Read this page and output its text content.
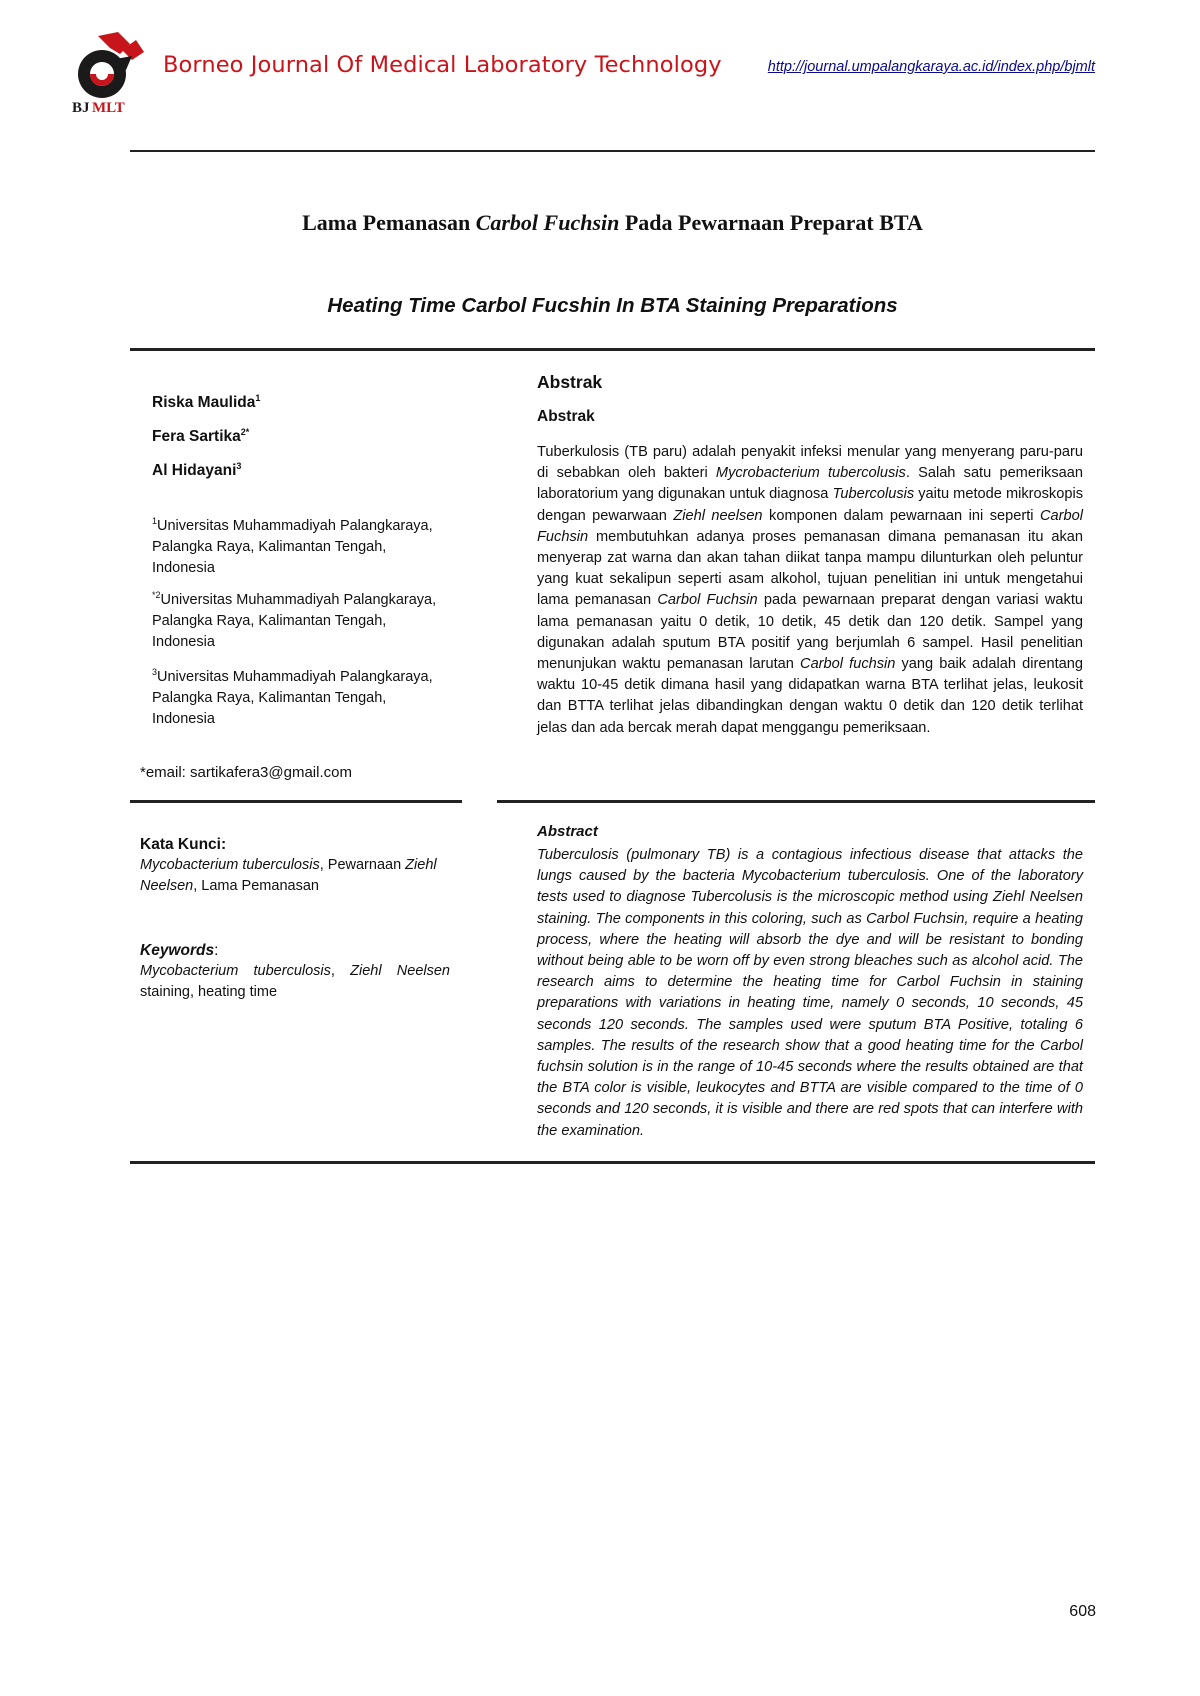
BJ MLT
Borneo Journal Of Medical Laboratory Technology	http://journal.umpalangkaraya.ac.id/index.php/bjmlt
Lama Pemanasan Carbol Fuchsin Pada Pewarnaan Preparat BTA
Heating Time Carbol Fucshin In BTA Staining Preparations
Riska Maulida$^1$
Fera Sartika$^{2*}$
Al Hidayani$^3$
$^1$Universitas Muhammadiyah Palangkaraya, Palangka Raya, Kalimantan Tengah, Indonesia
$^{*2}$Universitas Muhammadiyah Palangkaraya, Palangka Raya, Kalimantan Tengah, Indonesia
$^3$Universitas Muhammadiyah Palangkaraya, Palangka Raya, Kalimantan Tengah, Indonesia
*email: sartikafera3@gmail.com
Kata Kunci:
Mycobacterium tuberculosis, Pewarnaan Ziehl Neelsen, Lama Pemanasan
Keywords:
Mycobacterium tuberculosis, Ziehl Neelsen staining, heating time
Abstrak
Abstrak
Tuberkulosis (TB paru) adalah penyakit infeksi menular yang menyerang paru-paru di sebabkan oleh bakteri Mycrobacterium tubercolusis. Salah satu pemeriksaan laboratorium yang digunakan untuk diagnosa Tubercolusis yaitu metode mikroskopis dengan pewarwaan Ziehl neelsen komponen dalam pewarnaan ini seperti Carbol Fuchsin membutuhkan adanya proses pemanasan dimana pemanasan itu akan menyerap zat warna dan akan tahan diikat tanpa mampu dilunturkan oleh peluntur yang kuat sekalipun seperti asam alkohol, tujuan penelitian ini untuk mengetahui lama pemanasan Carbol Fuchsin pada pewarnaan preparat dengan variasi waktu lama pemanasan yaitu 0 detik, 10 detik, 45 detik dan 120 detik. Sampel yang digunakan adalah sputum BTA positif yang berjumlah 6 sampel. Hasil penelitian menunjukan waktu pemanasan larutan Carbol fuchsin yang baik adalah direntang waktu 10-45 detik dimana hasil yang didapatkan warna BTA terlihat jelas, leukosit dan BTTA terlihat jelas dibandingkan dengan waktu 0 detik dan 120 detik terlihat jelas dan ada bercak merah dapat menggangu pemeriksaan.
Abstract
Tuberculosis (pulmonary TB) is a contagious infectious disease that attacks the lungs caused by the bacteria Mycobacterium tuberculosis. One of the laboratory tests used to diagnose Tubercolusis is the microscopic method using Ziehl Neelsen staining. The components in this coloring, such as Carbol Fuchsin, require a heating process, where the heating will absorb the dye and will be resistant to bonding without being able to be worn off by even strong bleaches such as alcohol acid. The research aims to determine the heating time for Carbol Fuchsin in staining preparations with variations in heating time, namely 0 seconds, 10 seconds, 45 seconds 120 seconds. The samples used were sputum BTA Positive, totaling 6 samples. The results of the research show that a good heating time for the Carbol fuchsin solution is in the range of 10-45 seconds where the results obtained are that the BTA color is visible, leukocytes and BTTA are visible compared to the time of 0 seconds and 120 seconds, it is visible and there are red spots that can interfere with the examination.
608
